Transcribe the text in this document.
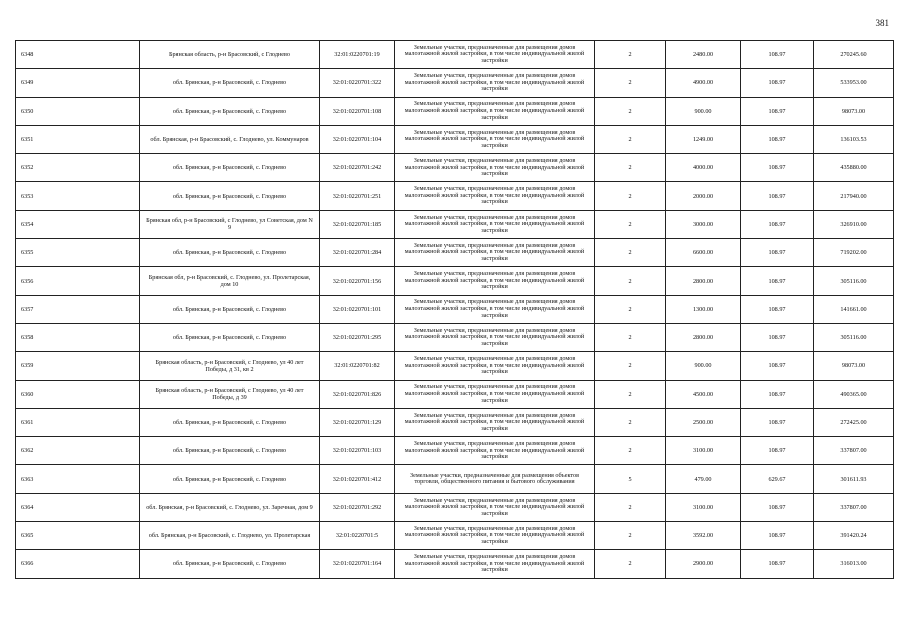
381
6348	Брянская область, р-н Брасовский, с Глоднево	32:01:0220701:19	Земельные участки, предназначенные для размещения домов малоэтажной жилой застройки, в том числе индивидуальной жилой застройки	2	2480.00	108.97	270245.60
6349	обл. Брянская, р-н Брасовский, с. Глоднево	32:01:0220701:322	Земельные участки, предназначенные для размещения домов малоэтажной жилой застройки, в том числе индивидуальной жилой застройки	2	4900.00	108.97	533953.00
6350	обл. Брянская, р-н Брасовский, с. Глоднево	32:01:0220701:108	Земельные участки, предназначенные для размещения домов малоэтажной жилой застройки, в том числе индивидуальной жилой застройки	2	900.00	108.97	98073.00
6351	обл. Брянская, р-н Брасовский, с. Глоднево, ул. Коммунаров	32:01:0220701:104	Земельные участки, предназначенные для размещения домов малоэтажной жилой застройки, в том числе индивидуальной жилой застройки	2	1249.00	108.97	136103.53
6352	обл. Брянская, р-н Брасовский, с. Глоднево	32:01:0220701:242	Земельные участки, предназначенные для размещения домов малоэтажной жилой застройки, в том числе индивидуальной жилой застройки	2	4000.00	108.97	435880.00
6353	обл. Брянская, р-н Брасовский, с. Глоднево	32:01:0220701:251	Земельные участки, предназначенные для размещения домов малоэтажной жилой застройки, в том числе индивидуальной жилой застройки	2	2000.00	108.97	217940.00
6354	Брянская обл, р-н Брасовский, с Глоднево, ул Советская, дом N 9	32:01:0220701:185	Земельные участки, предназначенные для размещения домов малоэтажной жилой застройки, в том числе индивидуальной жилой застройки	2	3000.00	108.97	326910.00
6355	обл. Брянская, р-н Брасовский, с. Глоднево	32:01:0220701:284	Земельные участки, предназначенные для размещения домов малоэтажной жилой застройки, в том числе индивидуальной жилой застройки	2	6600.00	108.97	719202.00
6356	Брянская обл, р-н Брасовский, с. Глоднево, ул. Пролетарская, дом 10	32:01:0220701:156	Земельные участки, предназначенные для размещения домов малоэтажной жилой застройки, в том числе индивидуальной жилой застройки	2	2800.00	108.97	305116.00
6357	обл. Брянская, р-н Брасовский, с. Глоднево	32:01:0220701:101	Земельные участки, предназначенные для размещения домов малоэтажной жилой застройки, в том числе индивидуальной жилой застройки	2	1300.00	108.97	141661.00
6358	обл. Брянская, р-н Брасовский, с. Глоднево	32:01:0220701:295	Земельные участки, предназначенные для размещения домов малоэтажной жилой застройки, в том числе индивидуальной жилой застройки	2	2800.00	108.97	305116.00
6359	Брянская область, р-н Брасовский, с Глоднево, ул 40 лет Победы, д 31, кв 2	32:01:0220701:82	Земельные участки, предназначенные для размещения домов малоэтажной жилой застройки, в том числе индивидуальной жилой застройки	2	900.00	108.97	98073.00
6360	Брянская область, р-н Брасовский, с Глоднево, ул 40 лет Победы, д 39	32:01:0220701:826	Земельные участки, предназначенные для размещения домов малоэтажной жилой застройки, в том числе индивидуальной жилой застройки	2	4500.00	108.97	490365.00
6361	обл. Брянская, р-н Брасовский, с. Глоднево	32:01:0220701:129	Земельные участки, предназначенные для размещения домов малоэтажной жилой застройки, в том числе индивидуальной жилой застройки	2	2500.00	108.97	272425.00
6362	обл. Брянская, р-н Брасовский, с. Глоднево	32:01:0220701:103	Земельные участки, предназначенные для размещения домов малоэтажной жилой застройки, в том числе индивидуальной жилой застройки	2	3100.00	108.97	337807.00
6363	обл. Брянская, р-н Брасовский, с. Глоднево	32:01:0220701:412	Земельные участки, предназначенные для размещения объектов торговли, общественного питания и бытового обслуживания	5	479.00	629.67	301611.93
6364	обл. Брянская, р-н Брасовский, с. Глоднево, ул. Заречная, дом 9	32:01:0220701:292	Земельные участки, предназначенные для размещения домов малоэтажной жилой застройки, в том числе индивидуальной жилой застройки	2	3100.00	108.97	337807.00
6365	обл. Брянская, р-н Брасовский, с. Глоднево, ул. Пролетарская	32:01:0220701:5	Земельные участки, предназначенные для размещения домов малоэтажной жилой застройки, в том числе индивидуальной жилой застройки	2	3592.00	108.97	391420.24
6366	обл. Брянская, р-н Брасовский, с. Глоднево	32:01:0220701:164	Земельные участки, предназначенные для размещения домов малоэтажной жилой застройки, в том числе индивидуальной жилой застройки	2	2900.00	108.97	316013.00
